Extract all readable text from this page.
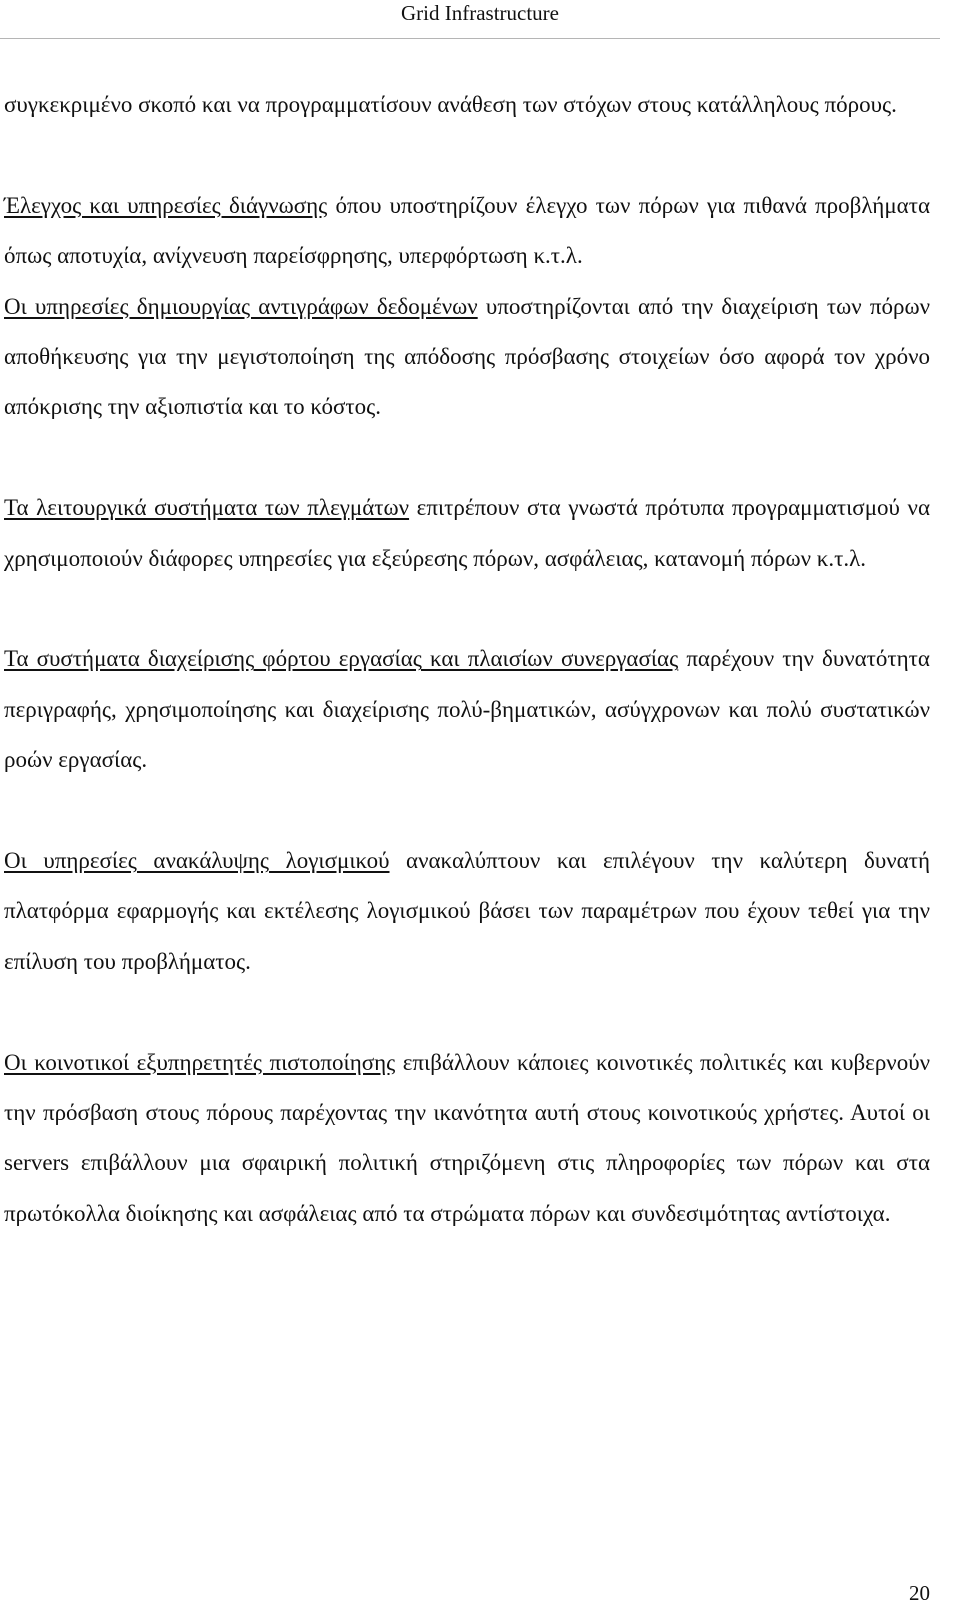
Grid Infrastructure

συγκεκριμένο σκοπό και να προγραμματίσουν ανάθεση των στόχων στους κατάλληλους πόρους.

Έλεγχος και υπηρεσίες διάγνωσης όπου υποστηρίζουν έλεγχο των πόρων για πιθανά προβλήματα όπως αποτυχία, ανίχνευση παρείσφρησης, υπερφόρτωση κ.τ.λ.

Οι υπηρεσίες δημιουργίας αντιγράφων δεδομένων υποστηρίζονται από την διαχείριση των πόρων αποθήκευσης για την μεγιστοποίηση της απόδοσης πρόσβασης στοιχείων όσο αφορά τον χρόνο απόκρισης την αξιοπιστία και το κόστος.

Τα λειτουργικά συστήματα των πλεγμάτων επιτρέπουν στα γνωστά πρότυπα προγραμματισμού να χρησιμοποιούν διάφορες υπηρεσίες για εξεύρεσης πόρων, ασφάλειας, κατανομή πόρων κ.τ.λ.

Τα συστήματα διαχείρισης φόρτου εργασίας και πλαισίων συνεργασίας παρέχουν την δυνατότητα περιγραφής, χρησιμοποίησης και διαχείρισης πολύ-βηματικών, ασύγχρονων και πολύ συστατικών ροών εργασίας.

Οι υπηρεσίες ανακάλυψης λογισμικού ανακαλύπτουν και επιλέγουν την καλύτερη δυνατή πλατφόρμα εφαρμογής και εκτέλεσης λογισμικού βάσει των παραμέτρων που έχουν τεθεί για την επίλυση του προβλήματος.

Οι κοινοτικοί εξυπηρετητές πιστοποίησης επιβάλλουν κάποιες κοινοτικές πολιτικές και κυβερνούν την πρόσβαση στους πόρους παρέχοντας την ικανότητα αυτή στους κοινοτικούς χρήστες. Αυτοί οι servers επιβάλλουν μια σφαιρική πολιτική στηριζόμενη στις πληροφορίες των πόρων και στα πρωτόκολλα διοίκησης και ασφάλειας από τα στρώματα πόρων και συνδεσιμότητας αντίστοιχα.

20
